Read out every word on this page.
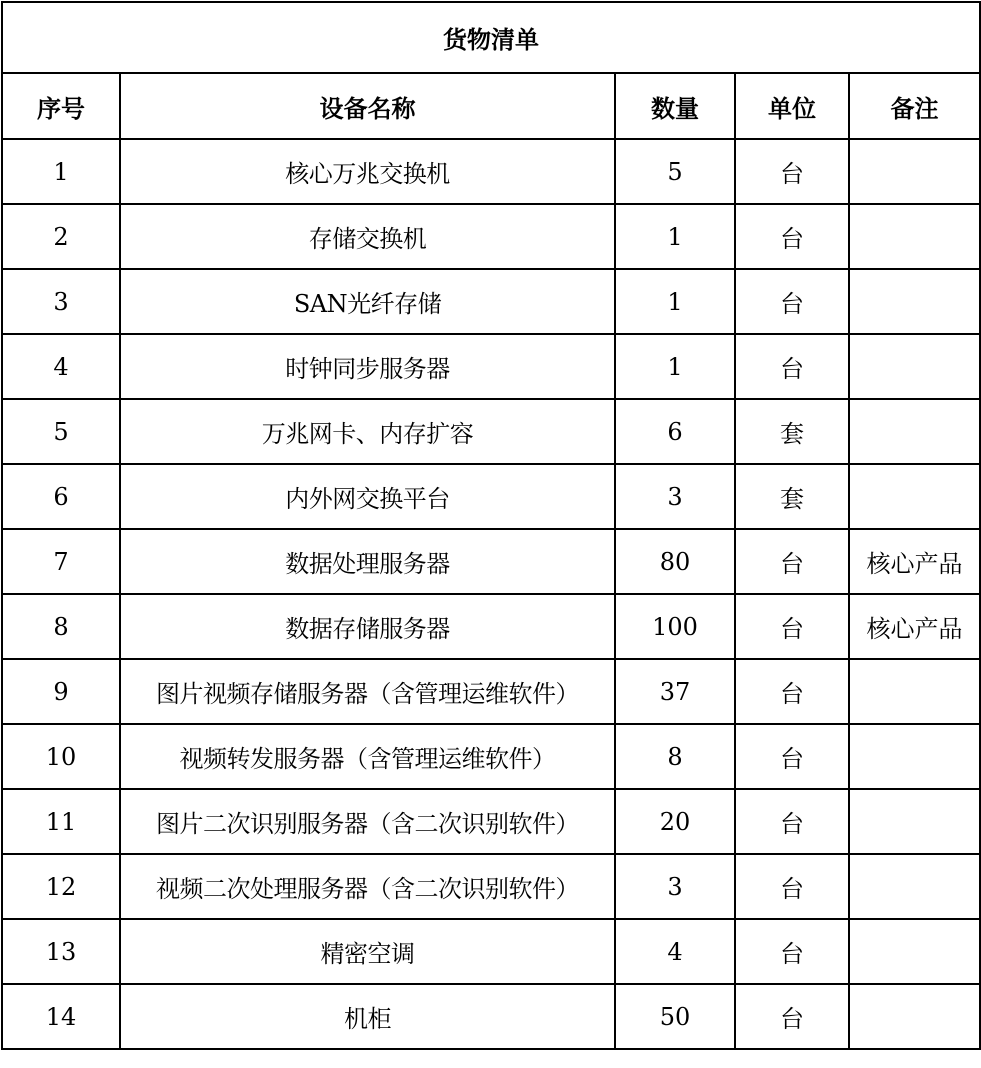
货物清单				
序号	设备名称	数量	单位	备注
1	核心万兆交换机	5	台	
2	存储交换机	1	台	
3	SAN光纤存储	1	台	
4	时钟同步服务器	1	台	
5	万兆网卡、内存扩容	6	套	
6	内外网交换平台	3	套	
7	数据处理服务器	80	台	核心产品
8	数据存储服务器	100	台	核心产品
9	图片视频存储服务器（含管理运维软件）	37	台	
10	视频转发服务器（含管理运维软件）	8	台	
11	图片二次识别服务器（含二次识别软件）	20	台	
12	视频二次处理服务器（含二次识别软件）	3	台	
13	精密空调	4	台	
14	机柜	50	台	
